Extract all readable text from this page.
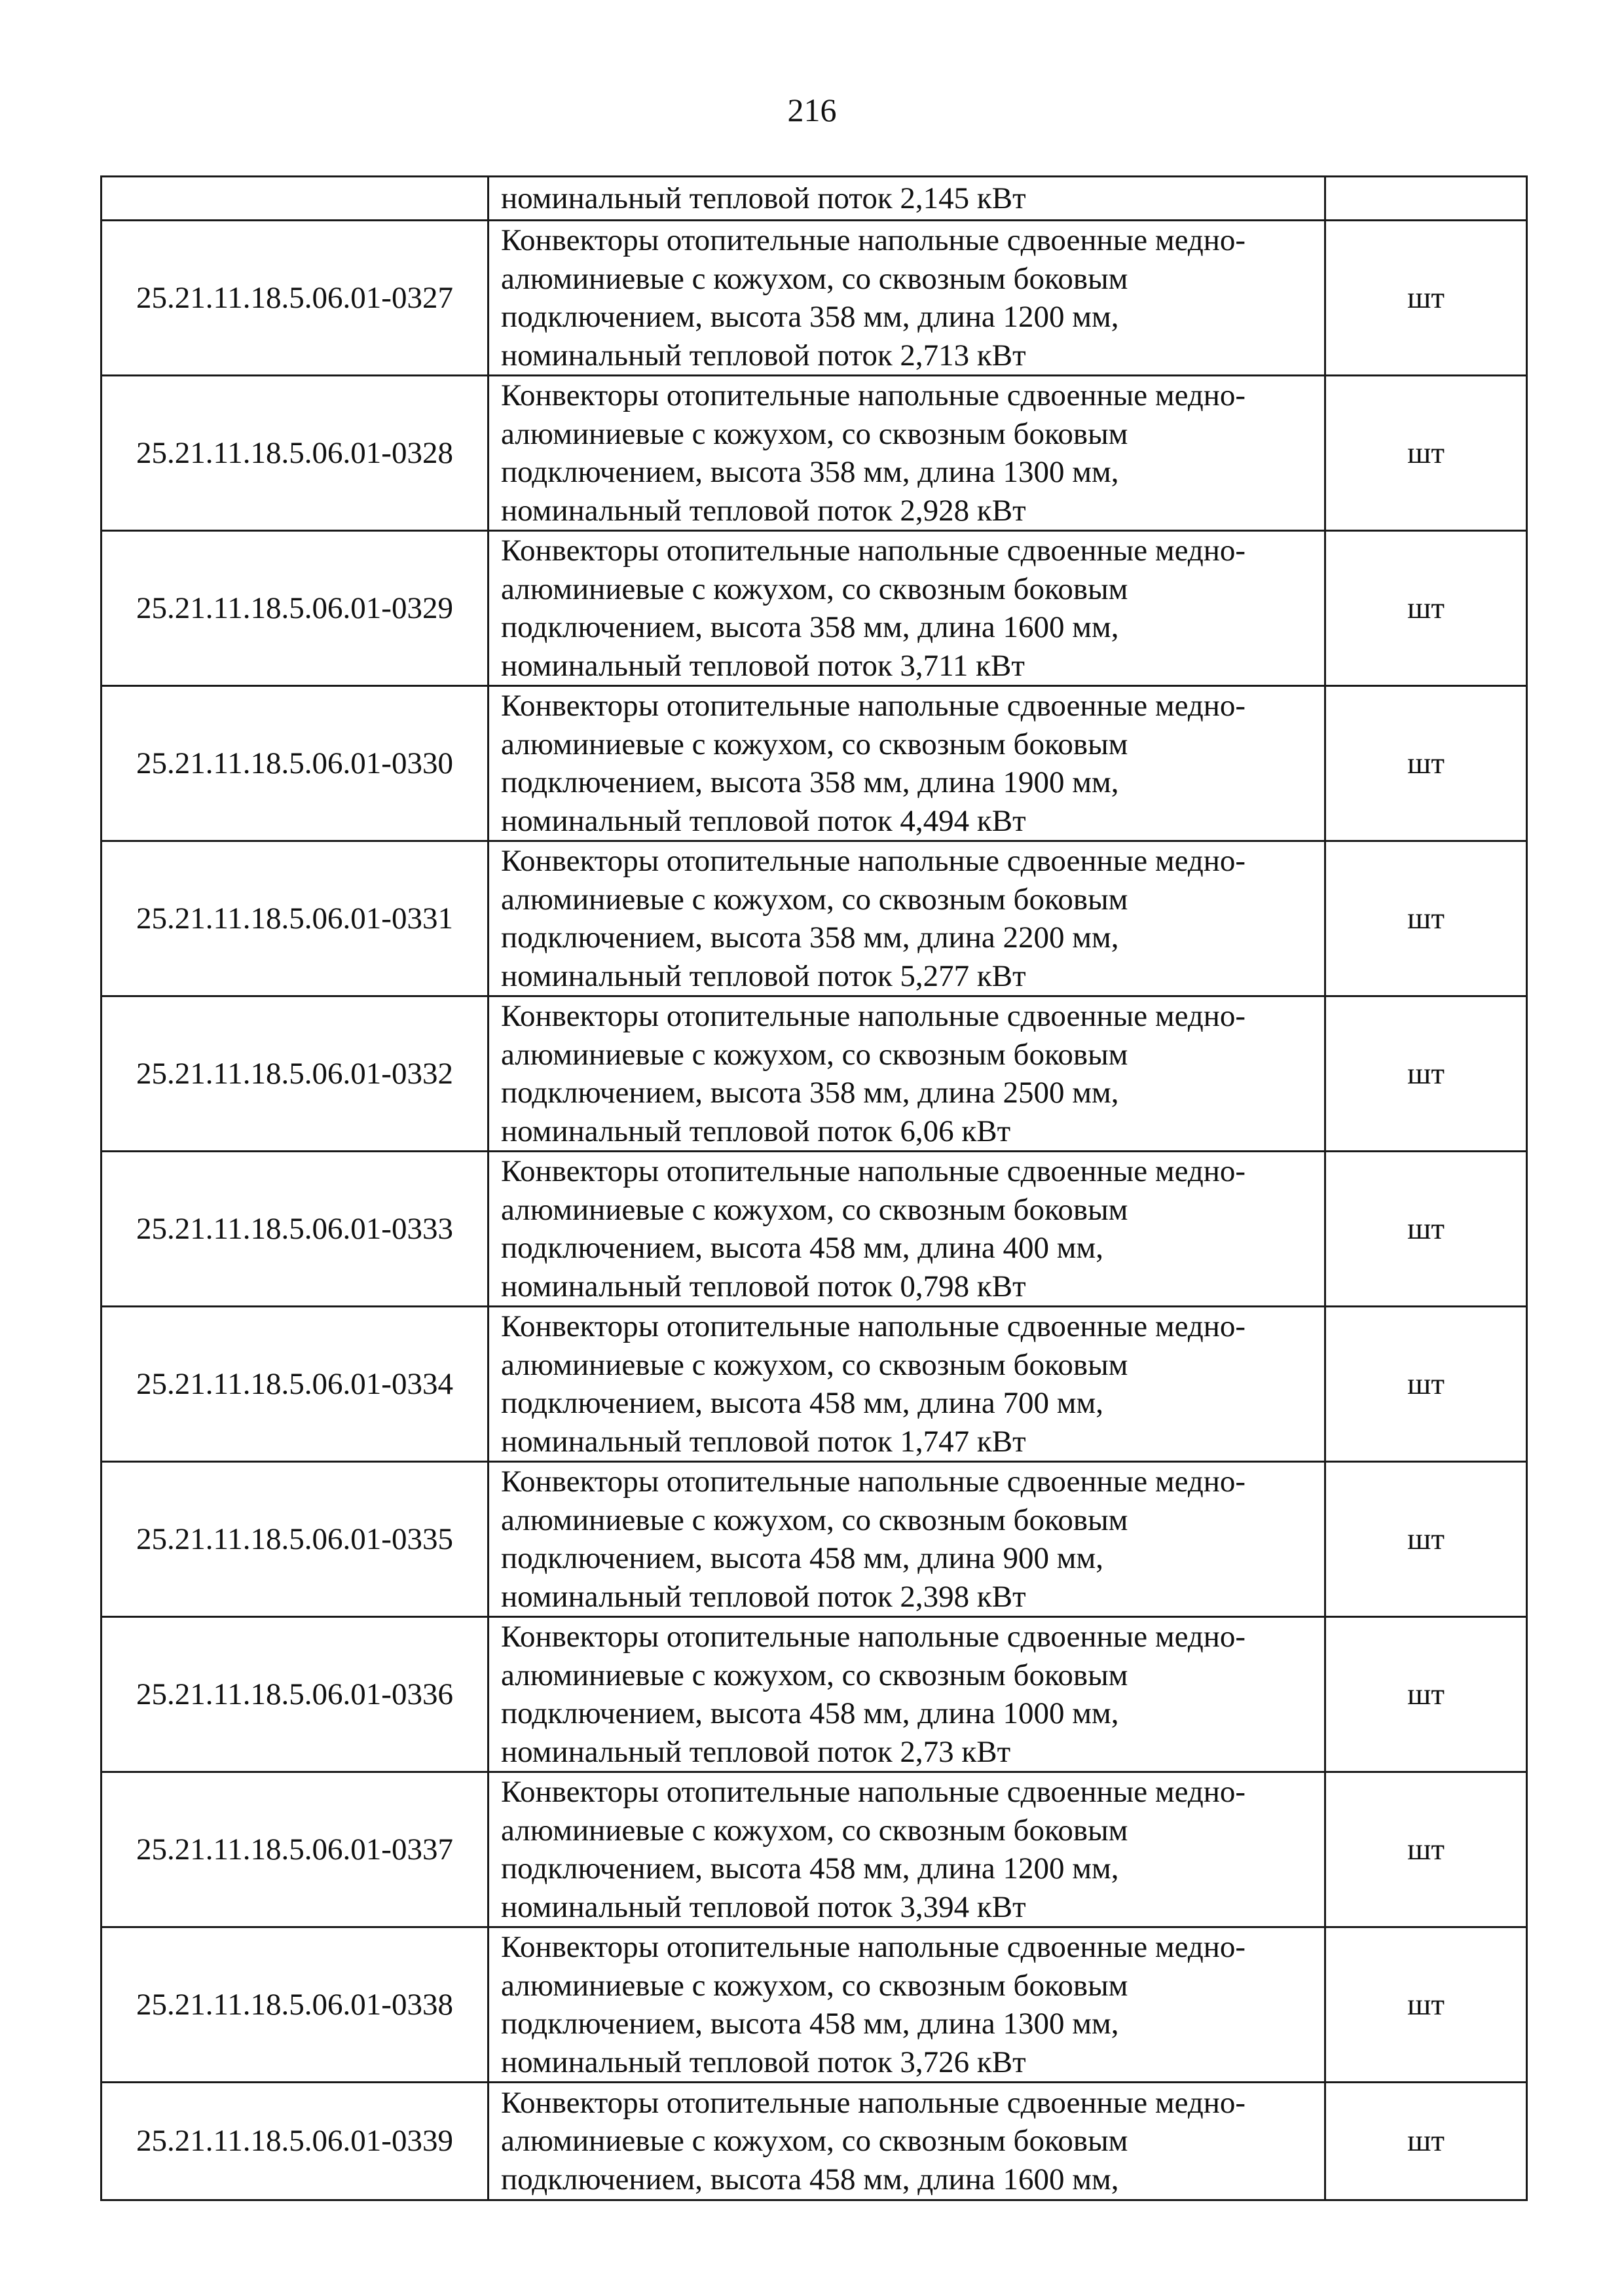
216

	номинальный тепловой поток 2,145 кВт	

25.21.11.18.5.06.01-0327	Конвекторы отопительные напольные сдвоенные медно-
алюминиевые с кожухом, со сквозным боковым
подключением, высота 358 мм, длина 1200 мм,
номинальный тепловой поток 2,713 кВт	шт
25.21.11.18.5.06.01-0328	Конвекторы отопительные напольные сдвоенные медно-
алюминиевые с кожухом, со сквозным боковым
подключением, высота 358 мм, длина 1300 мм,
номинальный тепловой поток 2,928 кВт	шт
25.21.11.18.5.06.01-0329	Конвекторы отопительные напольные сдвоенные медно-
алюминиевые с кожухом, со сквозным боковым
подключением, высота 358 мм, длина 1600 мм,
номинальный тепловой поток 3,711 кВт	шт
25.21.11.18.5.06.01-0330	Конвекторы отопительные напольные сдвоенные медно-
алюминиевые с кожухом, со сквозным боковым
подключением, высота 358 мм, длина 1900 мм,
номинальный тепловой поток 4,494 кВт	шт
25.21.11.18.5.06.01-0331	Конвекторы отопительные напольные сдвоенные медно-
алюминиевые с кожухом, со сквозным боковым
подключением, высота 358 мм, длина 2200 мм,
номинальный тепловой поток 5,277 кВт	шт
25.21.11.18.5.06.01-0332	Конвекторы отопительные напольные сдвоенные медно-
алюминиевые с кожухом, со сквозным боковым
подключением, высота 358 мм, длина 2500 мм,
номинальный тепловой поток 6,06 кВт	шт
25.21.11.18.5.06.01-0333	Конвекторы отопительные напольные сдвоенные медно-
алюминиевые с кожухом, со сквозным боковым
подключением, высота 458 мм, длина 400 мм,
номинальный тепловой поток 0,798 кВт	шт
25.21.11.18.5.06.01-0334	Конвекторы отопительные напольные сдвоенные медно-
алюминиевые с кожухом, со сквозным боковым
подключением, высота 458 мм, длина 700 мм,
номинальный тепловой поток 1,747 кВт	шт
25.21.11.18.5.06.01-0335	Конвекторы отопительные напольные сдвоенные медно-
алюминиевые с кожухом, со сквозным боковым
подключением, высота 458 мм, длина 900 мм,
номинальный тепловой поток 2,398 кВт	шт
25.21.11.18.5.06.01-0336	Конвекторы отопительные напольные сдвоенные медно-
алюминиевые с кожухом, со сквозным боковым
подключением, высота 458 мм, длина 1000 мм,
номинальный тепловой поток 2,73 кВт	шт
25.21.11.18.5.06.01-0337	Конвекторы отопительные напольные сдвоенные медно-
алюминиевые с кожухом, со сквозным боковым
подключением, высота 458 мм, длина 1200 мм,
номинальный тепловой поток 3,394 кВт	шт
25.21.11.18.5.06.01-0338	Конвекторы отопительные напольные сдвоенные медно-
алюминиевые с кожухом, со сквозным боковым
подключением, высота 458 мм, длина 1300 мм,
номинальный тепловой поток 3,726 кВт	шт
25.21.11.18.5.06.01-0339	Конвекторы отопительные напольные сдвоенные медно-
алюминиевые с кожухом, со сквозным боковым
подключением, высота 458 мм, длина 1600 мм,	шт
